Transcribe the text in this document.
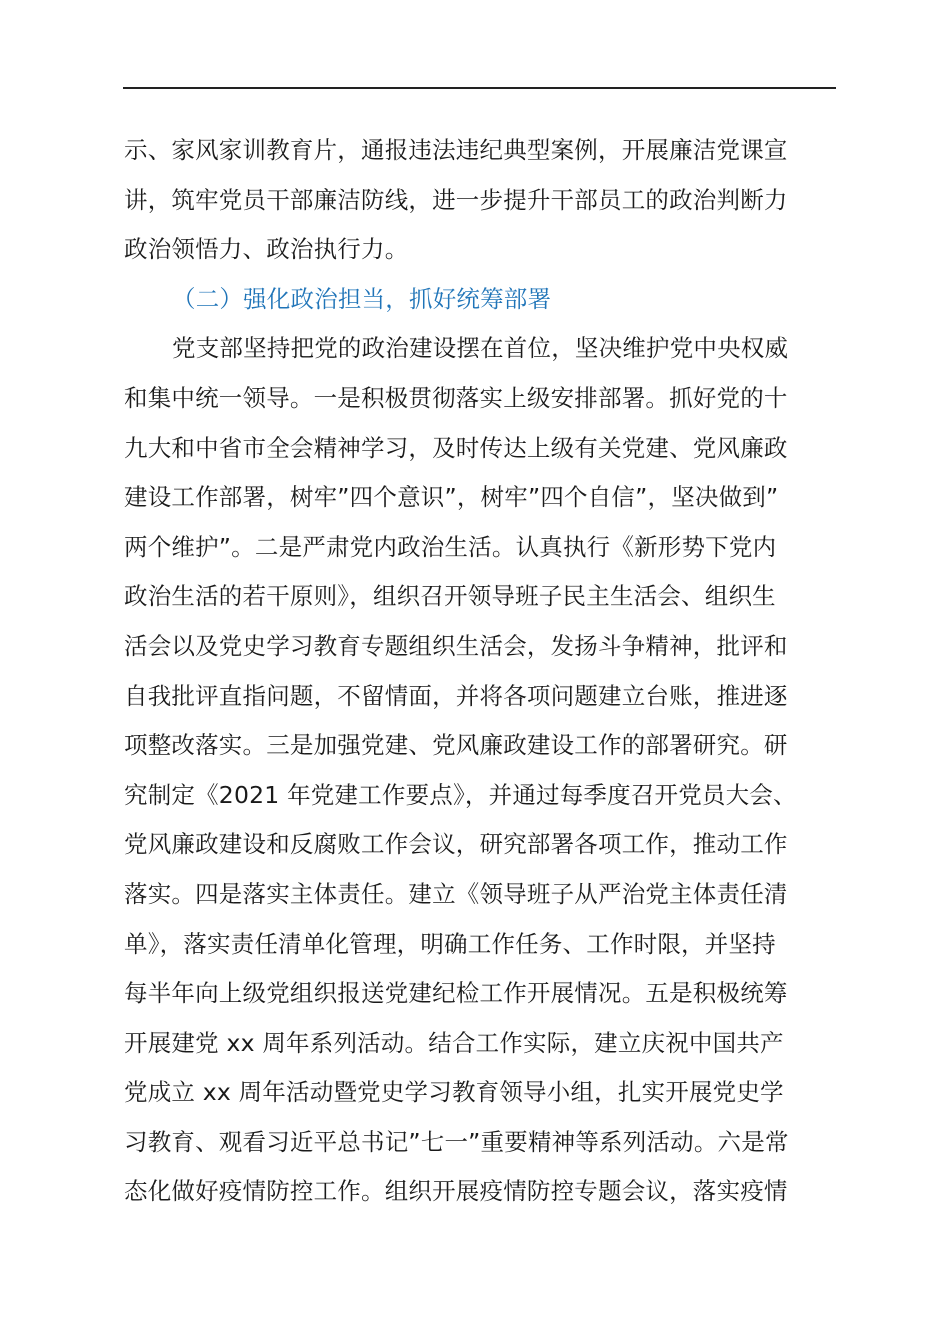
示、家风家训教育片，通报违法违纪典型案例，开展廉洁党课宣
讲，筑牢党员干部廉洁防线，进一步提升干部员工的政治判断力
政治领悟力、政治执行力。
（二）强化政治担当，抓好统筹部署
党支部坚持把党的政治建设摆在首位，坚决维护党中央权威
和集中统一领导。一是积极贯彻落实上级安排部署。抓好党的十
九大和中省市全会精神学习，及时传达上级有关党建、党风廉政
建设工作部署，树牢”四个意识”，树牢”四个自信”，坚决做到”
两个维护”。二是严肃党内政治生活。认真执行《新形势下党内
政治生活的若干原则》，组织召开领导班子民主生活会、组织生
活会以及党史学习教育专题组织生活会，发扬斗争精神，批评和
自我批评直指问题，不留情面，并将各项问题建立台账，推进逐
项整改落实。三是加强党建、党风廉政建设工作的部署研究。研
究制定《2021 年党建工作要点》，并通过每季度召开党员大会、
党风廉政建设和反腐败工作会议，研究部署各项工作，推动工作
落实。四是落实主体责任。建立《领导班子从严治党主体责任清
单》，落实责任清单化管理，明确工作任务、工作时限，并坚持
每半年向上级党组织报送党建纪检工作开展情况。五是积极统筹
开展建党 xx 周年系列活动。结合工作实际，建立庆祝中国共产
党成立 xx 周年活动暨党史学习教育领导小组，扎实开展党史学
习教育、观看习近平总书记”七一”重要精神等系列活动。六是常
态化做好疫情防控工作。组织开展疫情防控专题会议，落实疫情
